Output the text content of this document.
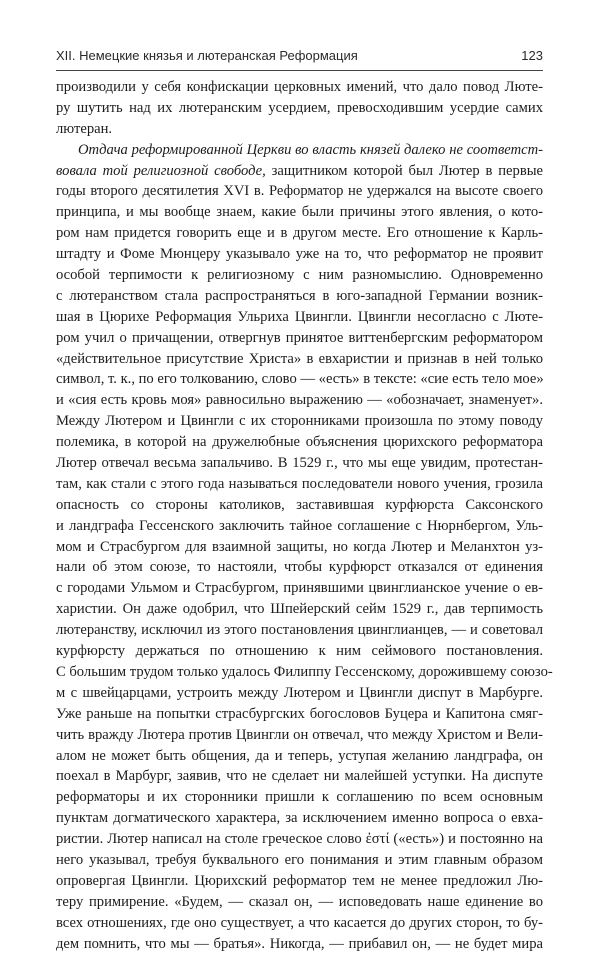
XII. Немецкие князья и лютеранская Реформация	123
производили у себя конфискации церковных имений, что дало повод Люте-
ру шутить над их лютеранским усердием, превосходившим усердие самих
лютеран.
Отдача реформированной Церкви во власть князей далеко не соответст-
вовала той религиозной свободе, защитником которой был Лютер в первые
годы второго десятилетия XVI в. Реформатор не удержался на высоте своего
принципа, и мы вообще знаем, какие были причины этого явления, о кото-
ром нам придется говорить еще и в другом месте. Его отношение к Карль-
штадту и Фоме Мюнцеру указывало уже на то, что реформатор не проявит
особой терпимости к религиозному с ним разномыслию. Одновременно
с лютеранством стала распространяться в юго-западной Германии возник-
шая в Цюрихе Реформация Ульриха Цвингли. Цвингли несогласно с Люте-
ром учил о причащении, отвергнув принятое виттенбергским реформатором
«действительное присутствие Христа» в евхаристии и признав в ней только
символ, т. к., по его толкованию, слово — «есть» в тексте: «сие есть тело мое»
и «сия есть кровь моя» равносильно выражению — «обозначает, знаменует».
Между Лютером и Цвингли с их сторонниками произошла по этому поводу
полемика, в которой на дружелюбные объяснения цюрихского реформатора
Лютер отвечал весьма запальчиво. В 1529 г., что мы еще увидим, протестан-
там, как стали с этого года называться последователи нового учения, грозила
опасность со стороны католиков, заставившая курфюрста Саксонского
и ландграфа Гессенского заключить тайное соглашение с Нюрнбергом, Уль-
мом и Страсбургом для взаимной защиты, но когда Лютер и Меланхтон уз-
нали об этом союзе, то настояли, чтобы курфюрст отказался от единения
с городами Ульмом и Страсбургом, принявшими цвинглианское учение о ев-
харистии. Он даже одобрил, что Шпейерский сейм 1529 г., дав терпимость
лютеранству, исключил из этого постановления цвинглианцев, — и советовал
курфюрсту держаться по отношению к ним сеймового постановления.
С большим трудом только удалось Филиппу Гессенскому, дорожившему союзо-
м с швейцарцами, устроить между Лютером и Цвингли диспут в Марбурге.
Уже раньше на попытки страсбургских богословов Буцера и Капитона смяг-
чить вражду Лютера против Цвингли он отвечал, что между Христом и Вели-
алом не может быть общения, да и теперь, уступая желанию ландграфа, он
поехал в Марбург, заявив, что не сделает ни малейшей уступки. На диспуте
реформаторы и их сторонники пришли к соглашению по всем основным
пунктам догматического характера, за исключением именно вопроса о евха-
ристии. Лютер написал на столе греческое слово ἐστί («есть») и постоянно на
него указывал, требуя буквального его понимания и этим главным образом
опровергая Цвингли. Цюрихский реформатор тем не менее предложил Лю-
теру примирение. «Будем, — сказал он, — исповедовать наше единение во
всех отношениях, где оно существует, а что касается до других сторон, то бу-
дем помнить, что мы — братья». Никогда, — прибавил он, — не будет мира
